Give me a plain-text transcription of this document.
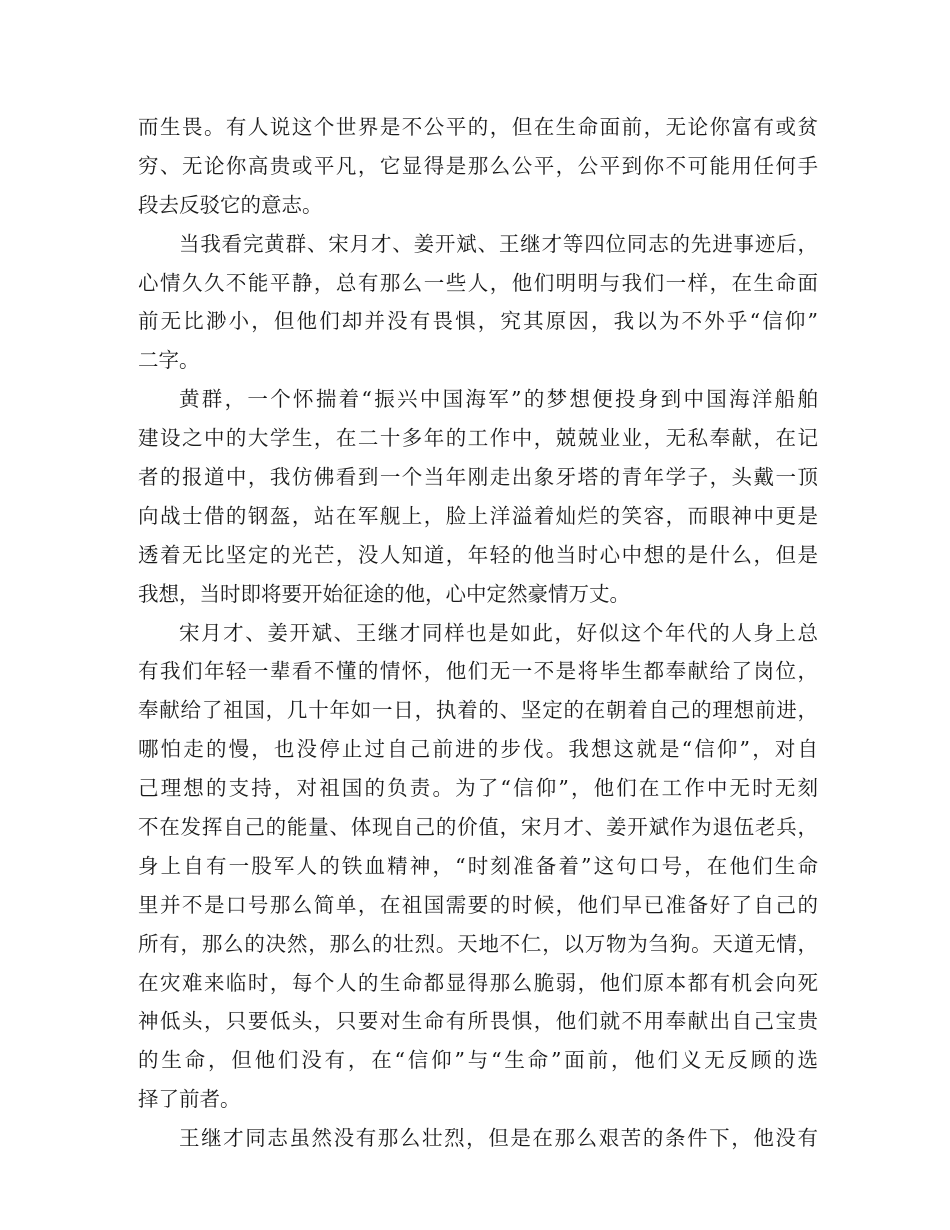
而生畏。有人说这个世界是不公平的，但在生命面前，无论你富有或贫
穷、无论你高贵或平凡，它显得是那么公平，公平到你不可能用任何手
段去反驳它的意志。
当我看完黄群、宋月才、姜开斌、王继才等四位同志的先进事迹后，
心情久久不能平静，总有那么一些人，他们明明与我们一样，在生命面
前无比渺小，但他们却并没有畏惧，究其原因，我以为不外乎“信仰”
二字。
黄群，一个怀揣着“振兴中国海军”的梦想便投身到中国海洋船舶
建设之中的大学生，在二十多年的工作中，兢兢业业，无私奉献，在记
者的报道中，我仿佛看到一个当年刚走出象牙塔的青年学子，头戴一顶
向战士借的钢盔，站在军舰上，脸上洋溢着灿烂的笑容，而眼神中更是
透着无比坚定的光芒，没人知道，年轻的他当时心中想的是什么，但是
我想，当时即将要开始征途的他，心中定然豪情万丈。
宋月才、姜开斌、王继才同样也是如此，好似这个年代的人身上总
有我们年轻一辈看不懂的情怀，他们无一不是将毕生都奉献给了岗位，
奉献给了祖国，几十年如一日，执着的、坚定的在朝着自己的理想前进，
哪怕走的慢，也没停止过自己前进的步伐。我想这就是“信仰”，对自
己理想的支持，对祖国的负责。为了“信仰”，他们在工作中无时无刻
不在发挥自己的能量、体现自己的价值，宋月才、姜开斌作为退伍老兵，
身上自有一股军人的铁血精神，“时刻准备着”这句口号，在他们生命
里并不是口号那么简单，在祖国需要的时候，他们早已准备好了自己的
所有，那么的决然，那么的壮烈。天地不仁，以万物为刍狗。天道无情，
在灾难来临时，每个人的生命都显得那么脆弱，他们原本都有机会向死
神低头，只要低头，只要对生命有所畏惧，他们就不用奉献出自己宝贵
的生命，但他们没有，在“信仰”与“生命”面前，他们义无反顾的选
择了前者。
王继才同志虽然没有那么壮烈，但是在那么艰苦的条件下，他没有
